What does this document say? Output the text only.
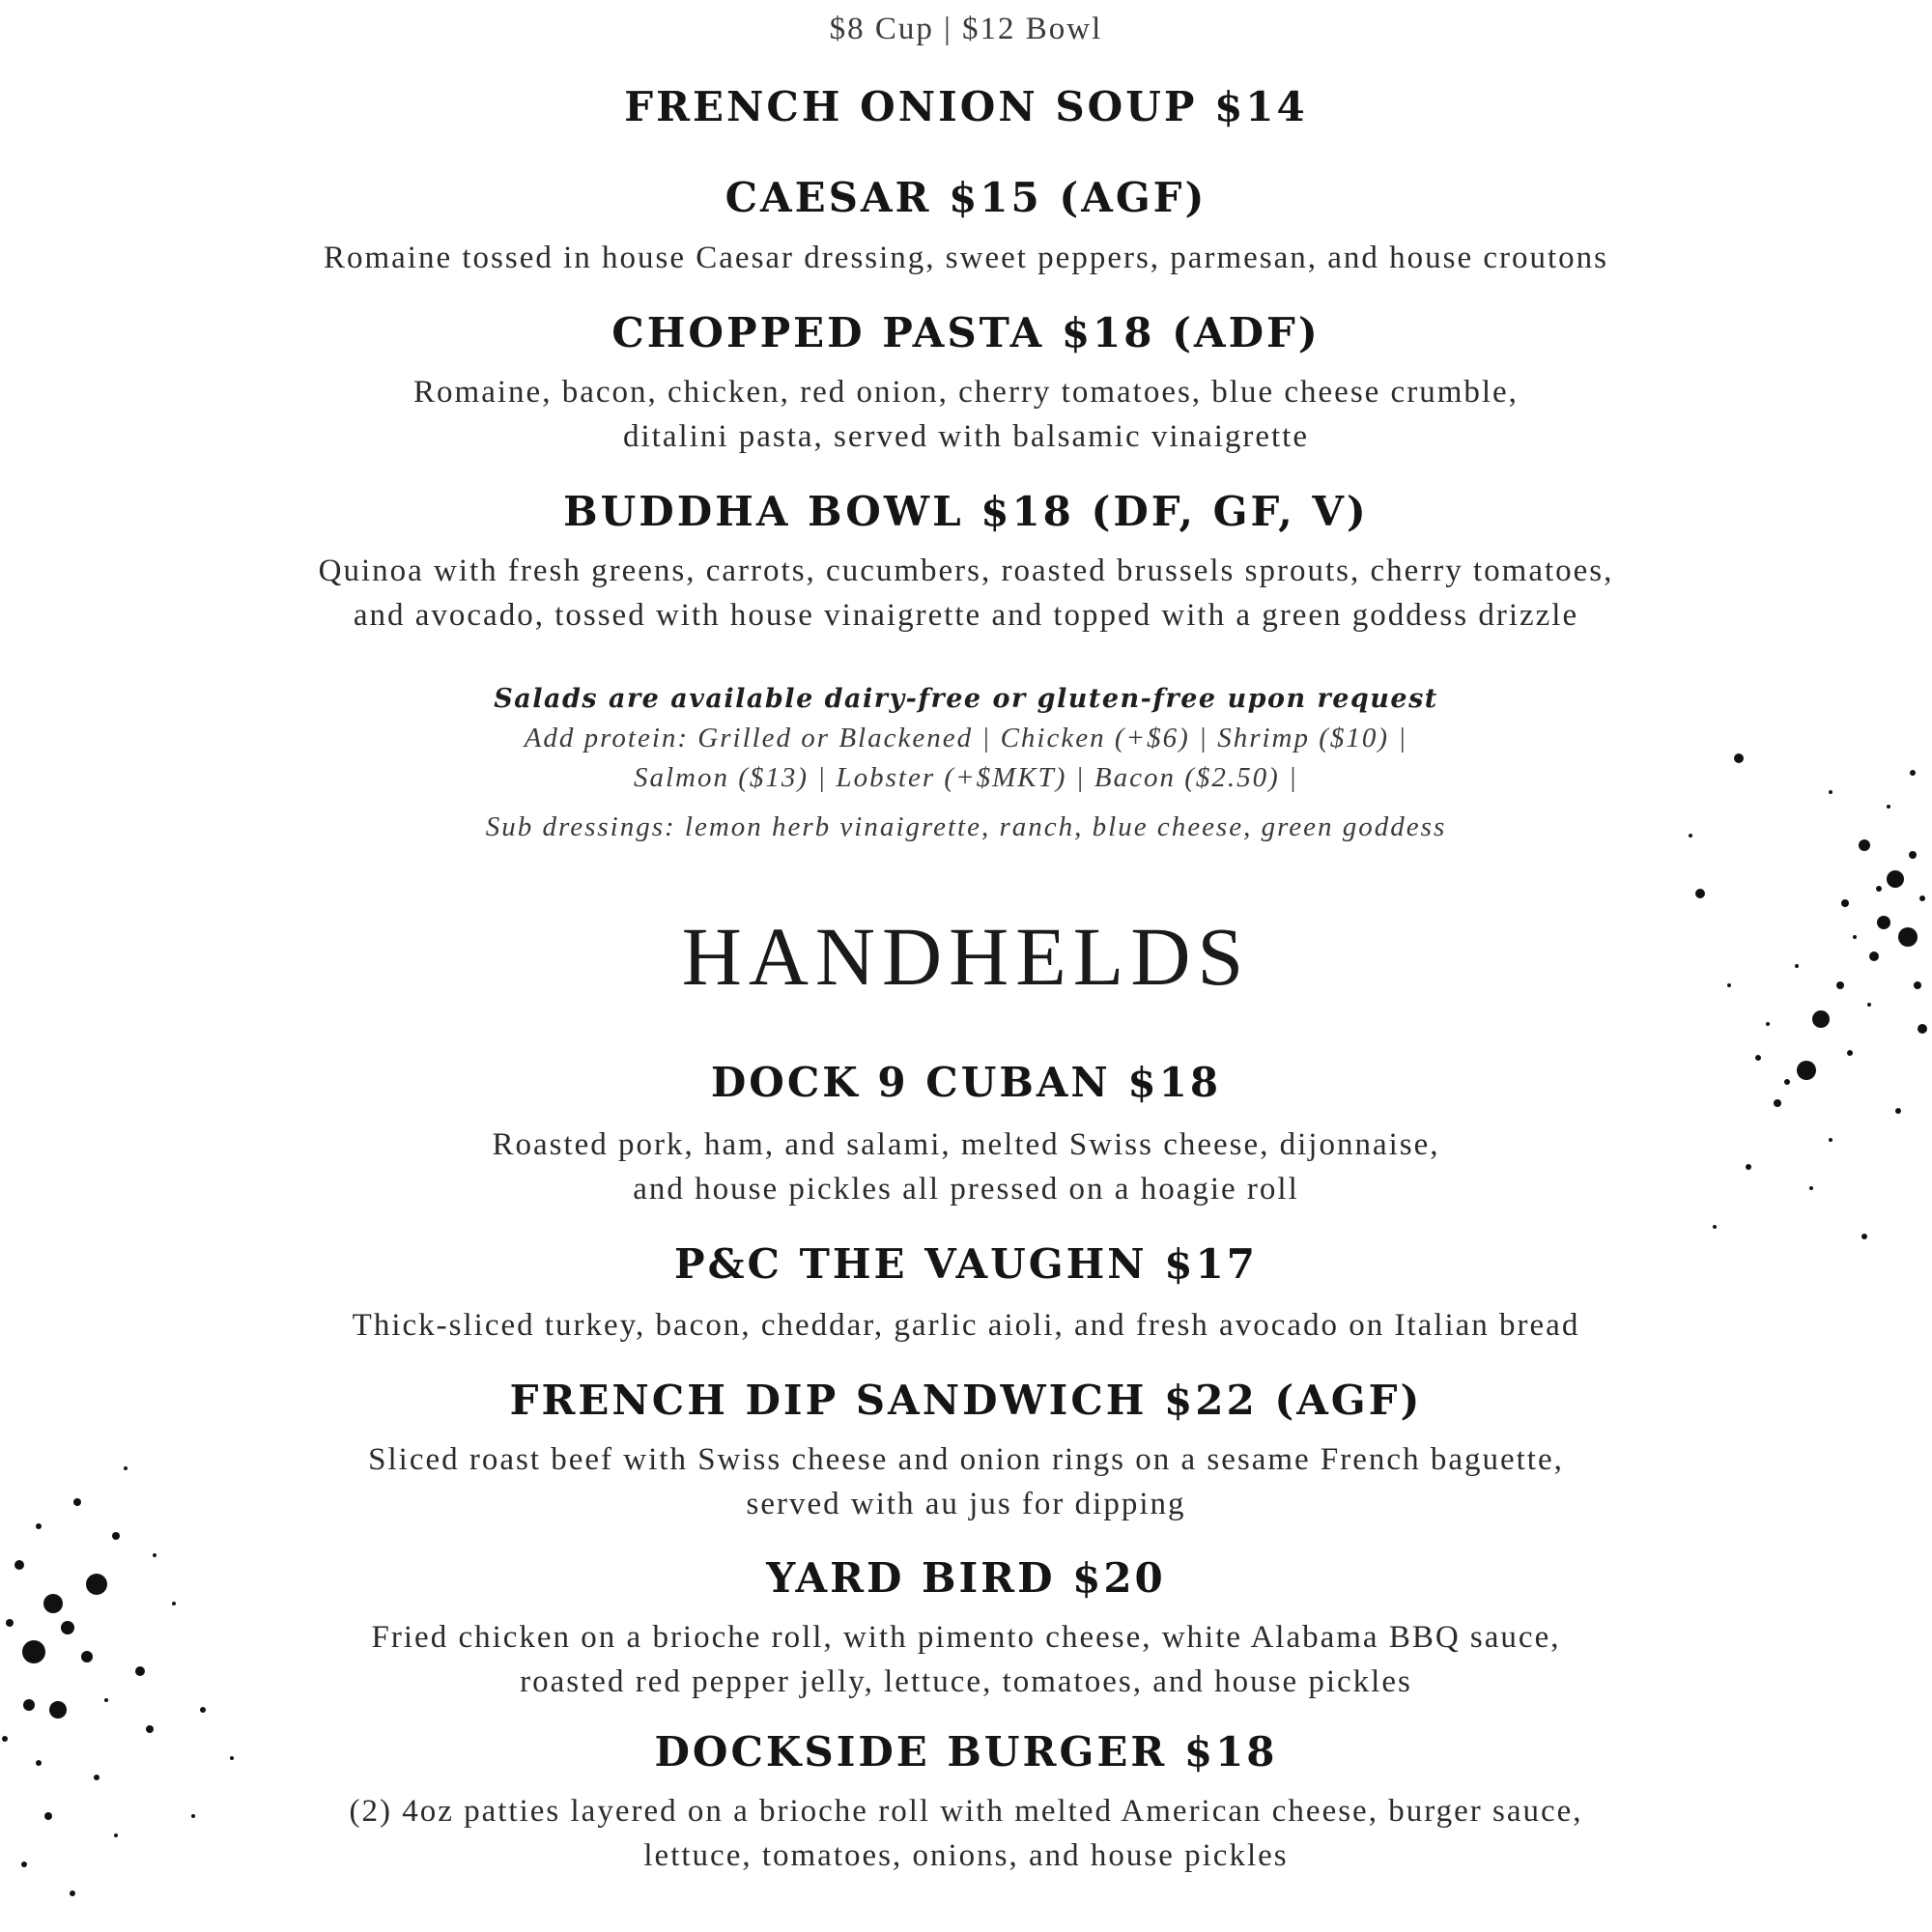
$8 Cup | $12 Bowl
FRENCH ONION SOUP $14
CAESAR $15 (AGF)
Romaine tossed in house Caesar dressing, sweet peppers, parmesan, and house croutons
CHOPPED PASTA $18 (ADF)
Romaine, bacon, chicken, red onion, cherry tomatoes, blue cheese crumble,
ditalini pasta, served with balsamic vinaigrette
BUDDHA BOWL $18 (DF, GF, V)
Quinoa with fresh greens, carrots, cucumbers, roasted brussels sprouts, cherry tomatoes,
and avocado, tossed with house vinaigrette and topped with a green goddess drizzle
Salads are available dairy-free or gluten-free upon request
Add protein: Grilled or Blackened | Chicken (+$6) | Shrimp ($10) |
Salmon ($13) | Lobster (+$MKT) | Bacon ($2.50) |
Sub dressings: lemon herb vinaigrette, ranch, blue cheese, green goddess
HANDHELDS
DOCK 9 CUBAN $18
Roasted pork, ham, and salami, melted Swiss cheese, dijonnaise,
and house pickles all pressed on a hoagie roll
P&C THE VAUGHN $17
Thick-sliced turkey, bacon, cheddar, garlic aioli, and fresh avocado on Italian bread
FRENCH DIP SANDWICH $22 (AGF)
Sliced roast beef with Swiss cheese and onion rings on a sesame French baguette,
served with au jus for dipping
YARD BIRD $20
Fried chicken on a brioche roll, with pimento cheese, white Alabama BBQ sauce,
roasted red pepper jelly, lettuce, tomatoes, and house pickles
DOCKSIDE BURGER $18
(2) 4oz patties layered on a brioche roll with melted American cheese, burger sauce,
lettuce, tomatoes, onions, and house pickles
